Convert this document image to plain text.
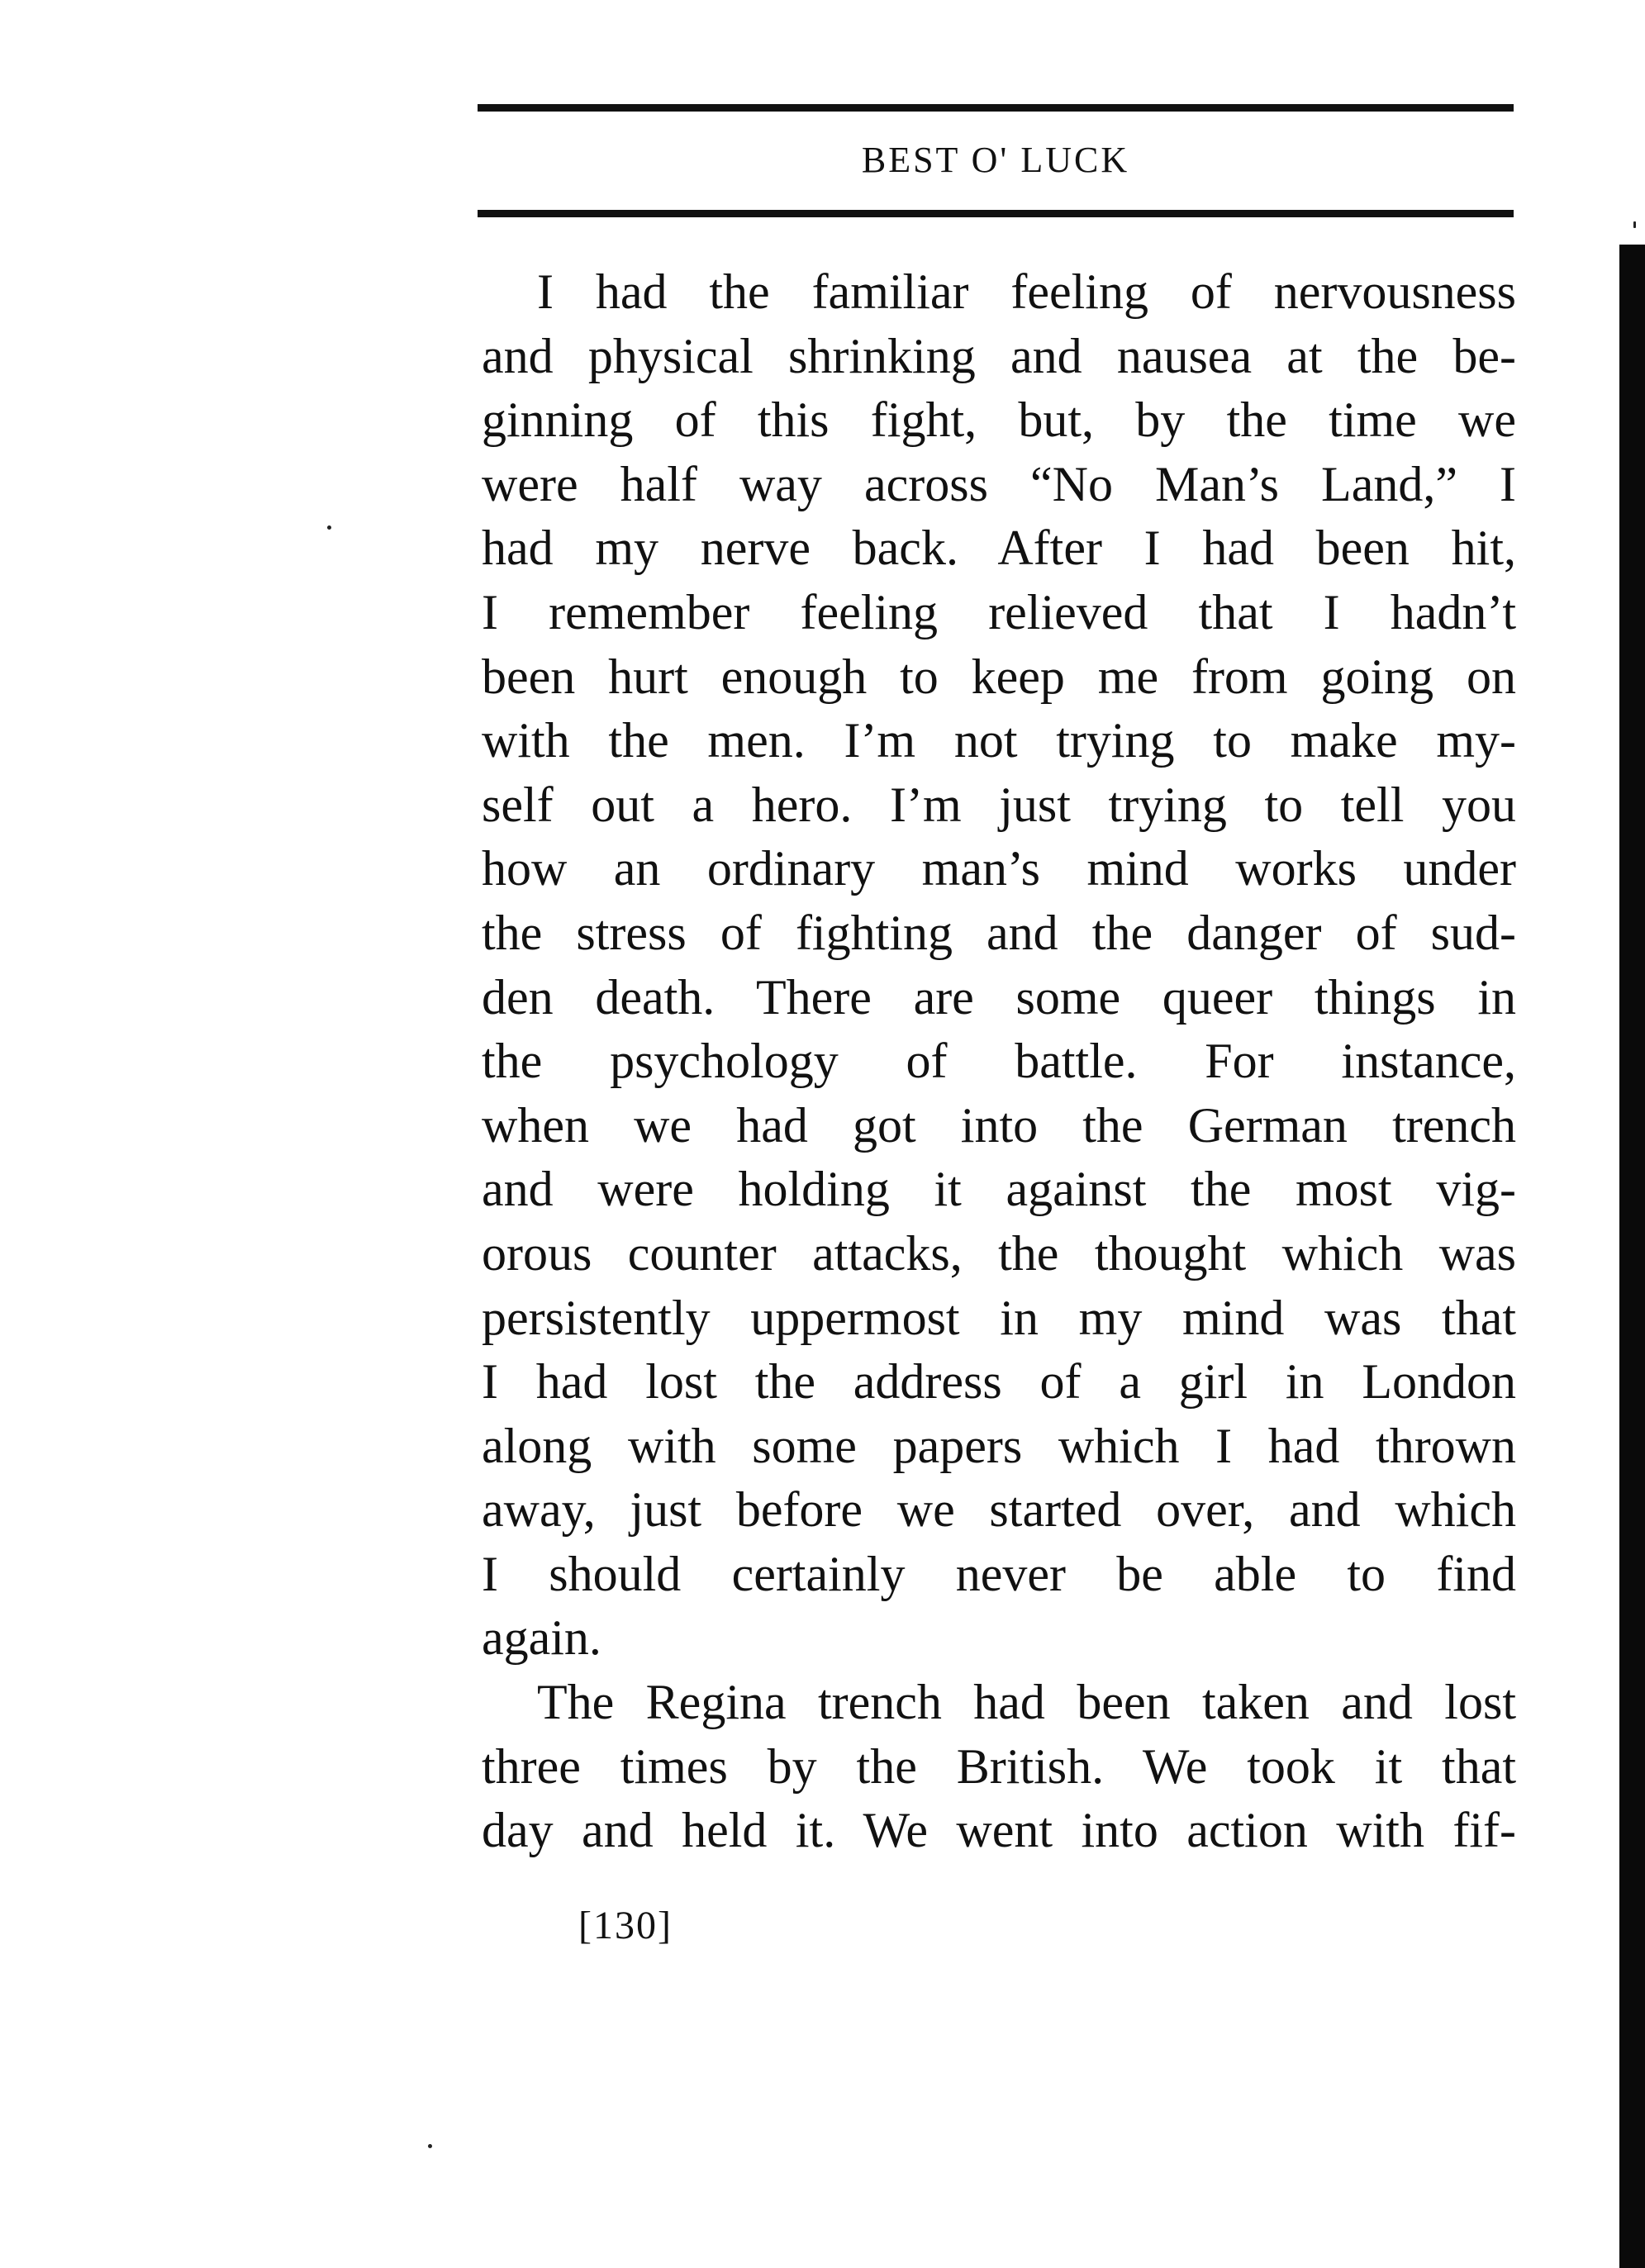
BEST O' LUCK
I had the familiar feeling of nervousness
and physical shrinking and nausea at the be-
ginning of this fight, but, by the time we
were half way across “No Man’s Land,” I
had my nerve back. After I had been hit,
I remember feeling relieved that I hadn’t
been hurt enough to keep me from going on
with the men. I’m not trying to make my-
self out a hero. I’m just trying to tell you
how an ordinary man’s mind works under
the stress of fighting and the danger of sud-
den death. There are some queer things in
the psychology of battle. For instance,
when we had got into the German trench
and were holding it against the most vig-
orous counter attacks, the thought which was
persistently uppermost in my mind was that
I had lost the address of a girl in London
along with some papers which I had thrown
away, just before we started over, and which
I should certainly never be able to find
again.
The Regina trench had been taken and lost
three times by the British. We took it that
day and held it. We went into action with fif-
[130]
